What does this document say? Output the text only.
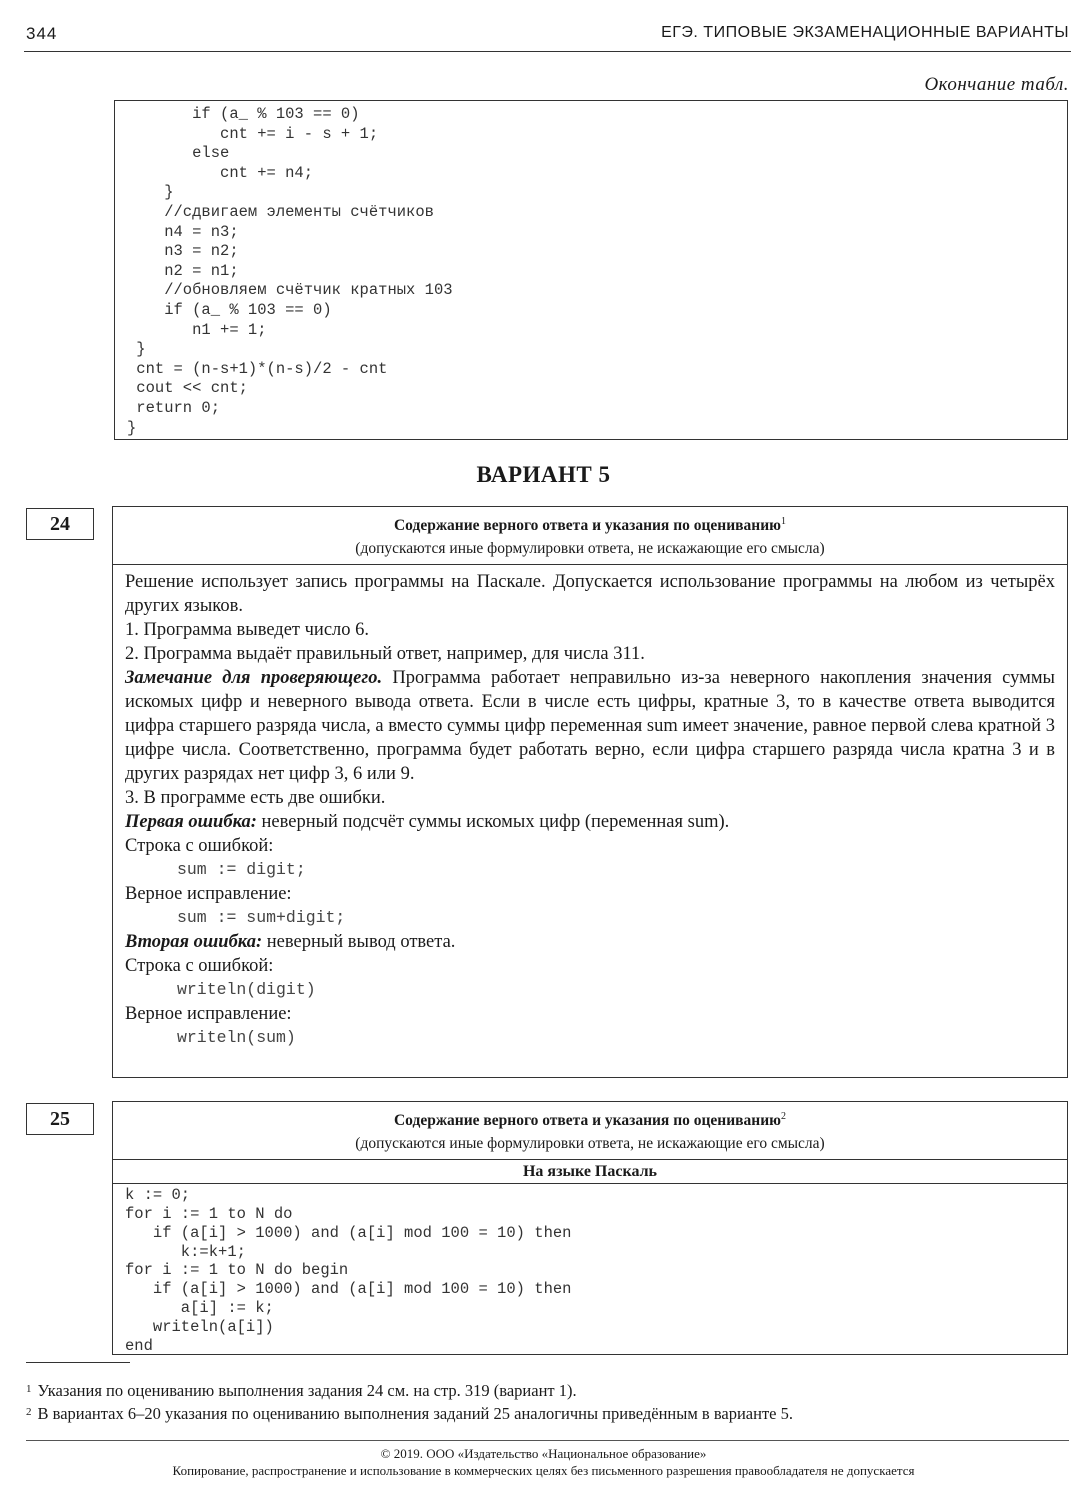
344	ЕГЭ. ТИПОВЫЕ ЭКЗАМЕНАЦИОННЫЕ ВАРИАНТЫ
Окончание табл.
if (a_ % 103 == 0)
cnt += i - s + 1;
else
cnt += n4;
}
//сдвигаем элементы счётчиков
n4 = n3;
n3 = n2;
n2 = n1;
//обновляем счётчик кратных 103
if (a_ % 103 == 0)
n1 += 1;
}
cnt = (n-s+1)*(n-s)/2 - cnt
cout << cnt;
return 0;
}
ВАРИАНТ 5
24	Содержание верного ответа и указания по оцениванию$^1$
(допускаются иные формулировки ответа, не искажающие его смысла)

Решение использует запись программы на Паскале. Допускается использование программы на любом из четырёх других языков.

1. Программа выведет число 6.

2. Программа выдаёт правильный ответ, например, для числа 311.

Замечание для проверяющего. Программа работает неправильно из-за неверного накопления значения суммы искомых цифр и неверного вывода ответа. Если в числе есть цифры, кратные 3, то в качестве ответа выводится цифра старшего разряда числа, а вместо суммы цифр переменная sum имеет значение, равное первой слева кратной 3 цифре числа. Соответственно, программа будет работать верно, если цифра старшего разряда числа кратна 3 и в других разрядах нет цифр 3, 6 или 9.

3. В программе есть две ошибки.

Первая ошибка: неверный подсчёт суммы искомых цифр (переменная sum).

Строка с ошибкой:

sum := digit;

Верное исправление:

sum := sum+digit;

Вторая ошибка: неверный вывод ответа.

Строка с ошибкой:

writeln(digit)

Верное исправление:

writeln(sum)

25	Содержание верного ответа и указания по оцениванию$^2$
(допускаются иные формулировки ответа, не искажающие его смысла)
На языке Паскаль
k := 0;
for i := 1 to N do
if (a[i] > 1000) and (a[i] mod 100 = 10) then
k:=k+1;
for i := 1 to N do begin
if (a[i] > 1000) and (a[i] mod 100 = 10) then
a[i] := k;
writeln(a[i])
end
$^1$ Указания по оцениванию выполнения задания 24 см. на стр. 319 (вариант 1).
$^2$ В вариантах 6–20 указания по оцениванию выполнения заданий 25 аналогичны приведённым в варианте 5.
© 2019. ООО «Издательство «Национальное образование»
Копирование, распространение и использование в коммерческих целях без письменного разрешения правообладателя не допускается
